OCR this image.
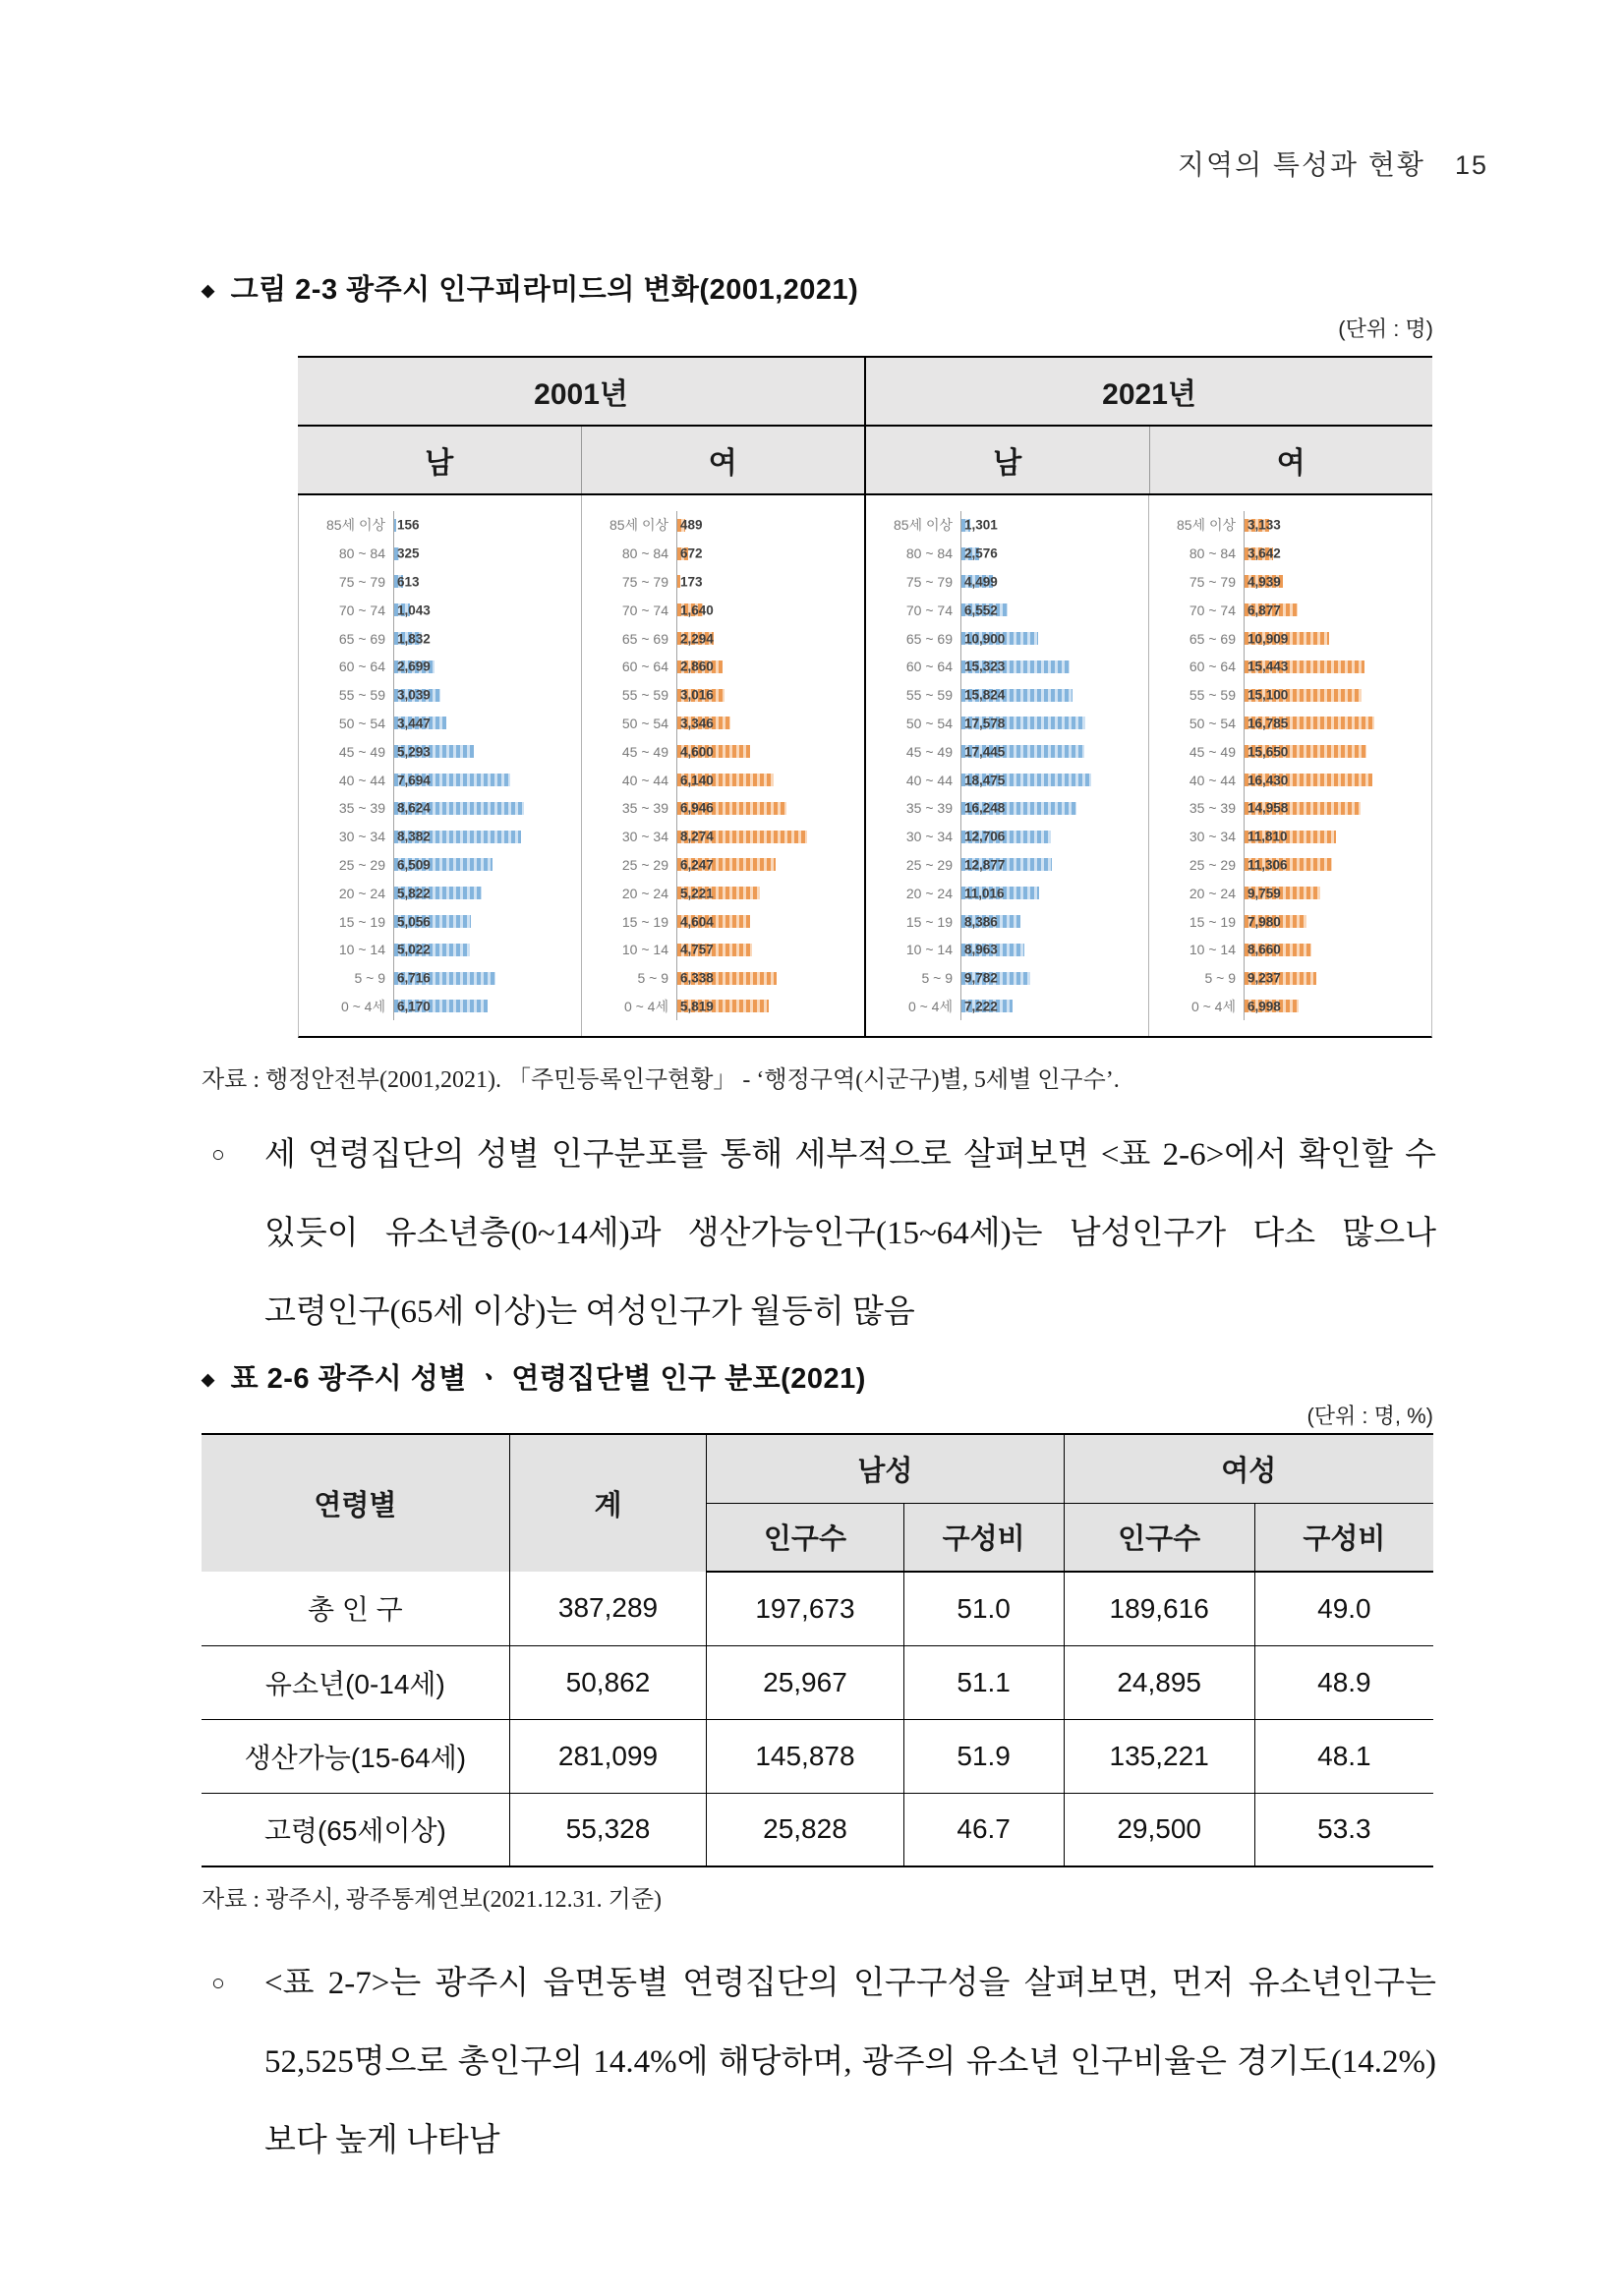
지역의 특성과 현황 15
◆ 그림 2-3 광주시 인구피라미드의 변화(2001,2021)
(단위 : 명)
2001년	2021년
남	여	남	여
85세 이상 156
80 ~ 84 325
75 ~ 79 613
70 ~ 74 1,043
65 ~ 69 1,832
60 ~ 64 2,699
55 ~ 59 3,039
50 ~ 54 3,447
45 ~ 49 5,293
40 ~ 44 7,694
35 ~ 39 8,624
30 ~ 34 8,382
25 ~ 29 6,509
20 ~ 24 5,822
15 ~ 19 5,056
10 ~ 14 5,022
5 ~ 9 6,716
0 ~ 4세 6,170
85세 이상 489
80 ~ 84 672
75 ~ 79 173
70 ~ 74 1,640
65 ~ 69 2,294
60 ~ 64 2,860
55 ~ 59 3,016
50 ~ 54 3,346
45 ~ 49 4,600
40 ~ 44 6,140
35 ~ 39 6,946
30 ~ 34 8,274
25 ~ 29 6,247
20 ~ 24 5,221
15 ~ 19 4,604
10 ~ 14 4,757
5 ~ 9 6,338
0 ~ 4세 5,819
85세 이상 1,301
80 ~ 84 2,576
75 ~ 79 4,499
70 ~ 74 6,552
65 ~ 69 10,900
60 ~ 64 15,323
55 ~ 59 15,824
50 ~ 54 17,578
45 ~ 49 17,445
40 ~ 44 18,475
35 ~ 39 16,248
30 ~ 34 12,706
25 ~ 29 12,877
20 ~ 24 11,016
15 ~ 19 8,386
10 ~ 14 8,963
5 ~ 9 9,782
0 ~ 4세 7,222
85세 이상 3,133
80 ~ 84 3,642
75 ~ 79 4,939
70 ~ 74 6,877
65 ~ 69 10,909
60 ~ 64 15,443
55 ~ 59 15,100
50 ~ 54 16,785
45 ~ 49 15,650
40 ~ 44 16,430
35 ~ 39 14,958
30 ~ 34 11,810
25 ~ 29 11,306
20 ~ 24 9,759
15 ~ 19 7,980
10 ~ 14 8,660
5 ~ 9 9,237
0 ~ 4세 6,998
자료 : 행정안전부(2001,2021). 「주민등록인구현황」 - ‘행정구역(시군구)별, 5세별 인구수’.
○	세 연령집단의 성별 인구분포를 통해 세부적으로 살펴보면 <표 2-6>에서 확인할 수 있듯이 유소년층(0~14세)과 생산가능인구(15~64세)는 남성인구가 다소 많으나 고령인구(65세 이상)는 여성인구가 월등히 많음
◆ 표 2-6 광주시 성별 ㆍ 연령집단별 인구 분포(2021)
(단위 : 명, %)
연령별	계	남성		여성	
		인구수	구성비	인구수	구성비
총 인 구	387,289	197,673	51.0	189,616	49.0
유소년(0-14세)	50,862	25,967	51.1	24,895	48.9
생산가능(15-64세)	281,099	145,878	51.9	135,221	48.1
고령(65세이상)	55,328	25,828	46.7	29,500	53.3
자료 : 광주시, 광주통계연보(2021.12.31. 기준)
○	<표 2-7>는 광주시 읍면동별 연령집단의 인구구성을 살펴보면, 먼저 유소년인구는 52,525명으로 총인구의 14.4%에 해당하며, 광주의 유소년 인구비율은 경기도(14.2%) 보다 높게 나타남
